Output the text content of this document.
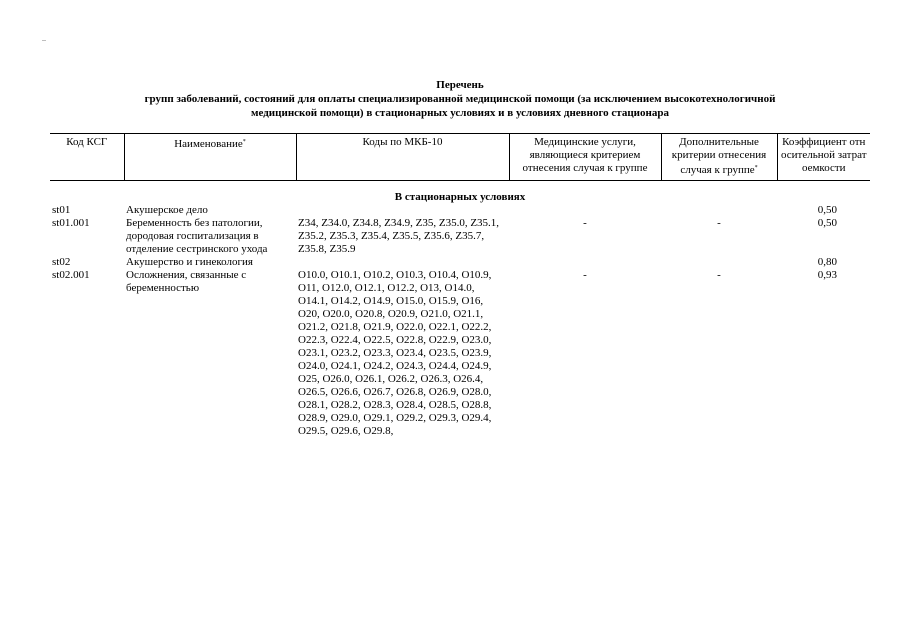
..
Перечень
групп заболеваний, состояний для оплаты специализированной медицинской помощи (за исключением высокотехнологичной
медицинской помощи) в стационарных условиях и в условиях дневного стационара
Код КСГ	Наименование*	Коды по МКБ-10	Медицинские услуги, являющиеся критерием отнесения случая к группе	Дополнительные критерии отнесения случая к группе*	Коэффициент относительной затратоемкости
В стационарных условиях					
st01	Акушерское дело				0,50
st01.001	Беременность без патологии, дородовая госпитализация в отделение сестринского ухода	Z34, Z34.0, Z34.8, Z34.9, Z35, Z35.0, Z35.1, Z35.2, Z35.3, Z35.4, Z35.5, Z35.6, Z35.7, Z35.8, Z35.9	-	-	0,50
st02	Акушерство и гинекология				0,80
st02.001	Осложнения, связанные с беременностью	O10.0, O10.1, O10.2, O10.3, O10.4, O10.9, O11, O12.0, O12.1, O12.2, O13, O14.0, O14.1, O14.2, O14.9, O15.0, O15.9, O16, O20, O20.0, O20.8, O20.9, O21.0, O21.1, O21.2, O21.8, O21.9, O22.0, O22.1, O22.2, O22.3, O22.4, O22.5, O22.8, O22.9, O23.0, O23.1, O23.2, O23.3, O23.4, O23.5, O23.9, O24.0, O24.1, O24.2, O24.3, O24.4, O24.9, O25, O26.0, O26.1, O26.2, O26.3, O26.4, O26.5, O26.6, O26.7, O26.8, O26.9, O28.0, O28.1, O28.2, O28.3, O28.4, O28.5, O28.8, O28.9, O29.0, O29.1, O29.2, O29.3, O29.4, O29.5, O29.6, O29.8,	-	-	0,93
